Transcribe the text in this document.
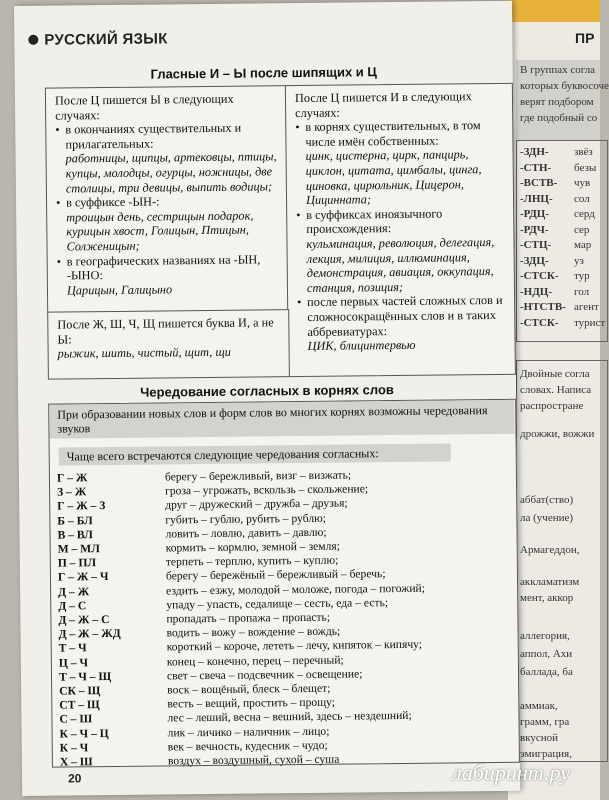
ПР
В группах согла
которых буквосоче
верят подбором
где подобный со
-ЗДН- звёз
-СТН- безы
-ВСТВ- чув
-ЛНЦ- сол
-РДЦ- серд
-РДЧ- сер
-СТЦ- мар
-ЗДЦ- уз
-СТСК- тур
-НДЦ- гол
-НТСТВ- агент
-СТСК- турист
Двойные согла
словах. Написа
распростране
дрожжи, вожжи
аббат(ство)
ла (учение)
Армагеддон,
аккламатизм
мент, аккор
аллегория,
аппол, Ахи
баллада, ба
аммиак,
грамм, гра
вкусной
эмиграция,
РУССКИЙ ЯЗЫК
Гласные И – Ы после шипящих и Ц

После Ц пишется Ы в следующих случаях:

• в окончаниях существительных и прилагательных:

работницы, щипцы, артековцы, птицы, купцы, молодцы, огурцы, ножницы, две столицы, три девицы, выпить водицы;

• в суффиксе -ЫН-:

троицын день, сестрицын подарок, курицын хвост, Голицын, Птицын, Солженицын;

• в географических названиях на -ЫН, -ЫНО:

Царицын, Галицыно

После Ж, Ш, Ч, Щ пишется буква И, а не Ы:

рыжик, шить, чистый, щит, щи

После Ц пишется И в следующих случаях:

• в корнях существительных, в том числе имён собственных:

цинк, цистерна, цирк, панцирь, циклон, цитата, цимбалы, цинга, циновка, цирюльник, Цицерон, Цицинната;

• в суффиксах иноязычного происхождения:

кульминация, революция, делегация, лекция, милиция, иллюминация, демонстрация, авиация, оккупация, станция, позиция;

• после первых частей сложных слов и сложносокращённых слов и в таких аббревиатурах:

ЦИК, блицинтервью

Чередование согласных в корнях слов
При образовании новых слов и форм слов во многих корнях возможны чередования звуков
Чаще всего встречаются следующие чередования согласных:
Г – Ж	берегу – бережливый, визг – визжать;
З – Ж	гроза – угрожать, вскользь – скольжение;
Г – Ж – З	друг – дружеский – дружба – друзья;
Б – БЛ	губить – гублю, рубить – рублю;
В – ВЛ	ловить – ловлю, давить – давлю;
М – МЛ	кормить – кормлю, земной – земля;
П – ПЛ	терпеть – терплю, купить – куплю;
Г – Ж – Ч	берегу – бережёный – бережливый – беречь;
Д – Ж	ездить – езжу, молодой – моложе, погода – погожий;
Д – С	упаду – упасть, седалище – сесть, еда – есть;
Д – Ж – С	пропадать – пропажа – пропасть;
Д – Ж – ЖД	водить – вожу – вождение – вождь;
Т – Ч	короткий – короче, лететь – лечу, кипяток – кипячу;
Ц – Ч	конец – конечно, перец – перечный;
Т – Ч – Щ	свет – свеча – подсвечник – освещение;
СК – Щ	воск – вощёный, блеск – блещет;
СТ – Щ	весть – вещий, простить – прощу;
С – Ш	лес – леший, весна – вешний, здесь – нездешний;
К – Ч – Ц	лик – личико – наличник – лицо;
К – Ч	век – вечность, кудесник – чудо;
Х – Ш	воздух – воздушный, сухой – суша
20	лабиринт.ру
